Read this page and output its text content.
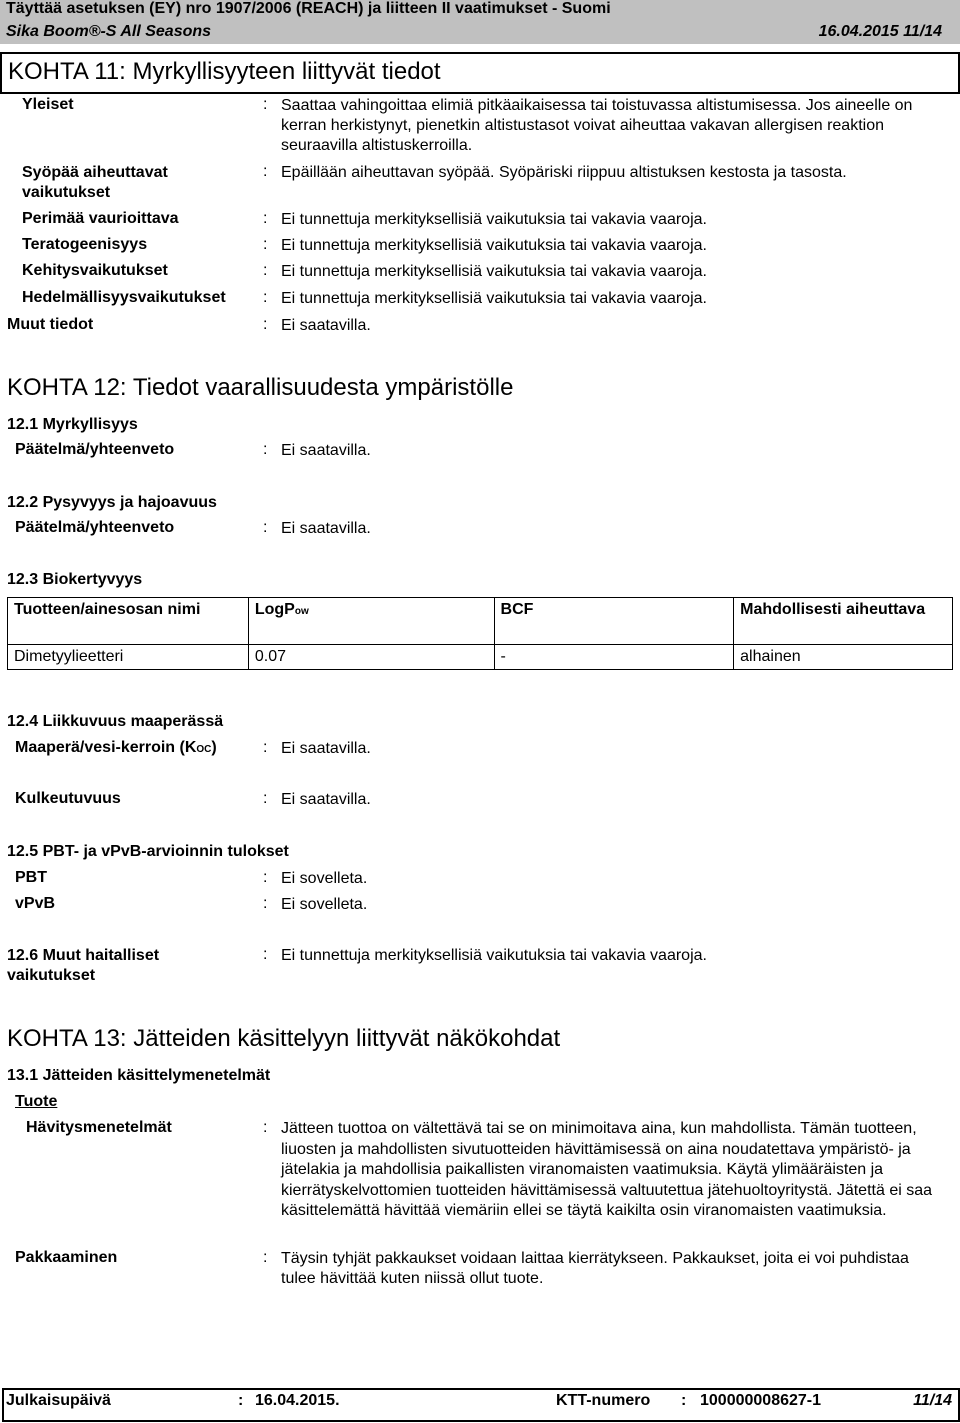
Täyttää asetuksen (EY) nro 1907/2006 (REACH) ja liitteen II vaatimukset - Suomi
Sika Boom®-S All Seasons	16.04.2015 11/14
KOHTA 11: Myrkyllisyyteen liittyvät tiedot
Yleiset	: Saattaa vahingoittaa elimiä pitkäaikaisessa tai toistuvassa altistumisessa. Jos aineelle on kerran herkistynyt, pienetkin altistustasot voivat aiheuttaa vakavan allergisen reaktion seuraavilla altistuskerroilla.
Syöpää aiheuttavat vaikutukset
: Epäillään aiheuttavan syöpää. Syöpäriski riippuu altistuksen kestosta ja tasosta.
Perimää vaurioittava	: Ei tunnettuja merkityksellisiä vaikutuksia tai vakavia vaaroja.
Teratogeenisyys	: Ei tunnettuja merkityksellisiä vaikutuksia tai vakavia vaaroja.
Kehitysvaikutukset	: Ei tunnettuja merkityksellisiä vaikutuksia tai vakavia vaaroja.
Hedelmällisyysvaikutukset : Ei tunnettuja merkityksellisiä vaikutuksia tai vakavia vaaroja.
Muut tiedot	: Ei saatavilla.
KOHTA 12: Tiedot vaarallisuudesta ympäristölle
12.1 Myrkyllisyys
Päätelmä/yhteenveto	: Ei saatavilla.
12.2 Pysyvyys ja hajoavuus
Päätelmä/yhteenveto	: Ei saatavilla.
12.3 Biokertyvyys
Tuotteen/ainesosan nimi	LogPow	BCF	Mahdollisesti aiheuttava
Dimetyylieetteri	0.07	-	alhainen
12.4 Liikkuvuus maaperässä
Maaperä/vesi-kerroin (KOC)	: Ei saatavilla.
Kulkeutuvuus	: Ei saatavilla.
12.5 PBT- ja vPvB-arvioinnin tulokset
PBT	: Ei sovelleta.
vPvB	: Ei sovelleta.
12.6 Muut haitalliset vaikutukset
: Ei tunnettuja merkityksellisiä vaikutuksia tai vakavia vaaroja.
KOHTA 13: Jätteiden käsittelyyn liittyvät näkökohdat
13.1 Jätteiden käsittelymenetelmät
Tuote
Hävitysmenetelmät	: Jätteen tuottoa on vältettävä tai se on minimoitava aina, kun mahdollista. Tämän tuotteen, liuosten ja mahdollisten sivutuotteiden hävittämisessä on aina noudatettava ympäristö- ja jätelakia ja mahdollisia paikallisten viranomaisten vaatimuksia. Käytä ylimääräisten ja kierrätyskelvottomien tuotteiden hävittämisessä valtuutettua jätehuoltoyritystä. Jätettä ei saa käsittelemättä hävittää viemäriin ellei se täytä kaikilta osin viranomaisten vaatimuksia.
Pakkaaminen	: Täysin tyhjät pakkaukset voidaan laittaa kierrätykseen. Pakkaukset, joita ei voi puhdistaa tulee hävittää kuten niissä ollut tuote.
Julkaisupäivä	: 16.04.2015.	KTT-numero : 100000008627-1	11/14
